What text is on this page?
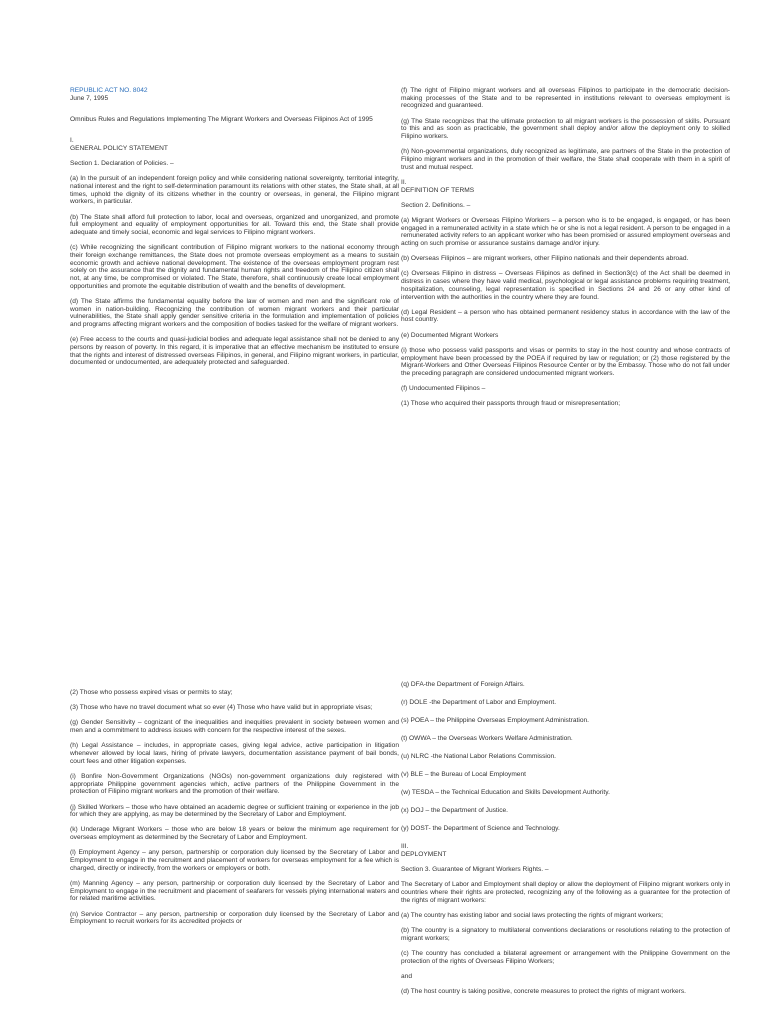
REPUBLIC ACT NO. 8042

June 7, 1995

Omnibus Rules and Regulations Implementing The Migrant Workers and Overseas Filipinos Act of 1995

I.

GENERAL POLICY STATEMENT

Section 1. Declaration of Policies. –

(a) In the pursuit of an independent foreign policy and while considering national sovereignty, territorial integrity, national interest and the right to self-determination paramount its relations with other states, the State shall, at all times, uphold the dignity of its citizens whether in the country or overseas, in general, the Filipino migrant workers, in particular.

(b) The State shall afford full protection to labor, local and overseas, organized and unorganized, and promote full employment and equality of employment opportunities for all. Toward this end, the State shall provide adequate and timely social, economic and legal services to Filipino migrant workers.

(c) While recognizing the significant contribution of Filipino migrant workers to the national economy through their foreign exchange remittances, the State does not promote overseas employment as a means to sustain economic growth and achieve national development. The existence of the overseas employment program rest solely on the assurance that the dignity and fundamental human rights and freedom of the Filipino citizen shall not, at any time, be compromised or violated. The State, therefore, shall continuously create local employment opportunities and promote the equitable distribution of wealth and the benefits of development.

(d) The State affirms the fundamental equality before the law of women and men and the significant role of women in nation-building. Recognizing the contribution of women migrant workers and their particular vulnerabilities, the State shall apply gender sensitive criteria in the formulation and implementation of policies and programs affecting migrant workers and the composition of bodies tasked for the welfare of migrant workers.

(e) Free access to the courts and quasi-judicial bodies and adequate legal assistance shall not be denied to any persons by reason of poverty. In this regard, it is imperative that an effective mechanism be instituted to ensure that the rights and interest of distressed overseas Filipinos, in general, and Filipino migrant workers, in particular, documented or undocumented, are adequately protected and safeguarded.

(f) The right of Filipino migrant workers and all overseas Filipinos to participate in the democratic decision-making processes of the State and to be represented in institutions relevant to overseas employment is recognized and guaranteed.

(g) The State recognizes that the ultimate protection to all migrant workers is the possession of skills. Pursuant to this and as soon as practicable, the government shall deploy and/or allow the deployment only to skilled Filipino workers.

(h) Non-governmental organizations, duly recognized as legitimate, are partners of the State in the protection of Filipino migrant workers and in the promotion of their welfare, the State shall cooperate with them in a spirit of trust and mutual respect.

II.

DEFINITION OF TERMS

Section 2. Definitions. –

(a) Migrant Workers or Overseas Filipino Workers – a person who is to be engaged, is engaged, or has been engaged in a remunerated activity in a state which he or she is not a legal resident. A person to be engaged in a remunerated activity refers to an applicant worker who has been promised or assured employment overseas and acting on such promise or assurance sustains damage and/or injury.

(b) Overseas Filipinos – are migrant workers, other Filipino nationals and their dependents abroad.

(c) Overseas Filipino in distress – Overseas Filipinos as defined in Section3(c) of the Act shall be deemed in distress in cases where they have valid medical, psychological or legal assistance problems requiring treatment, hospitalization, counseling, legal representation is specified in Sections 24 and 26 or any other kind of intervention with the authorities in the country where they are found.

(d) Legal Resident – a person who has obtained permanent residency status in accordance with the law of the host country.

(e) Documented Migrant Workers

(i) those who possess valid passports and visas or permits to stay in the host country and whose contracts of employment have been processed by the POEA if required by law or regulation; or (2) those registered by the Migrant-Workers and Other Overseas Filipinos Resource Center or by the Embassy. Those who do not fall under the preceding paragraph are considered undocumented migrant workers.

(f) Undocumented Filipinos –

(1) Those who acquired their passports through fraud or misrepresentation;

(2) Those who possess expired visas or permits to stay;

(3) Those who have no travel document what so ever (4) Those who have valid but in appropriate visas;

(g) Gender Sensitivity – cognizant of the inequalities and inequities prevalent in society between women and men and a commitment to address issues with concern for the respective interest of the sexes.

(h) Legal Assistance – includes, in appropriate cases, giving legal advice, active participation in litigation whenever allowed by local laws, hiring of private lawyers, documentation assistance payment of bail bonds, court fees and other litigation expenses.

(i) Bonfire Non-Government Organizations (NGOs) non-government organizations duly registered with appropriate Philippine government agencies which, active partners of the Philippine Government in the protection of Filipino migrant workers and the promotion of their welfare.

(j) Skilled Workers – those who have obtained an academic degree or sufficient training or experience in the job for which they are applying, as may be determined by the Secretary of Labor and Employment.

(k) Underage Migrant Workers – those who are below 18 years or below the minimum age requirement for overseas employment as determined by the Secretary of Labor and Employment.

(l) Employment Agency – any person, partnership or corporation duly licensed by the Secretary of Labor and Employment to engage in the recruitment and placement of workers for overseas employment for a fee which is charged, directly or indirectly, from the workers or employers or both.

(m) Manning Agency – any person, partnership or corporation duly licensed by the Secretary of Labor and Employment to engage in the recruitment and placement of seafarers for vessels plying international waters and for related maritime activities.

(n) Service Contractor – any person, partnership or corporation duly licensed by the Secretary of Labor and Employment to recruit workers for its accredited projects or

(q) DFA-the Department of Foreign Affairs.

(r) DOLE -the Department of Labor and Employment.

(s) POEA – the Philippine Overseas Employment Administration.

(t) OWWA – the Overseas Workers Welfare Administration.

(u) NLRC -the National Labor Relations Commission.

(v) BLE – the Bureau of Local Employment

(w) TESDA – the Technical Education and Skills Development Authority.

(x) DOJ – the Department of Justice.

(y) DOST- the Department of Science and Technology.

III.

DEPLOYMENT

Section 3. Guarantee of Migrant Workers Rights. –

The Secretary of Labor and Employment shall deploy or allow the deployment of Filipino migrant workers only in countries where their rights are protected, recognizing any of the following as a guarantee for the protection of the rights of migrant workers:

(a) The country has existing labor and social laws protecting the rights of migrant workers;

(b) The country is a signatory to multilateral conventions declarations or resolutions relating to the protection of migrant workers;

(c) The country has concluded a bilateral agreement or arrangement with the Philippine Government on the protection of the rights of Overseas Filipino Workers;

and

(d) The host country is taking positive, concrete measures to protect the rights of migrant workers.
